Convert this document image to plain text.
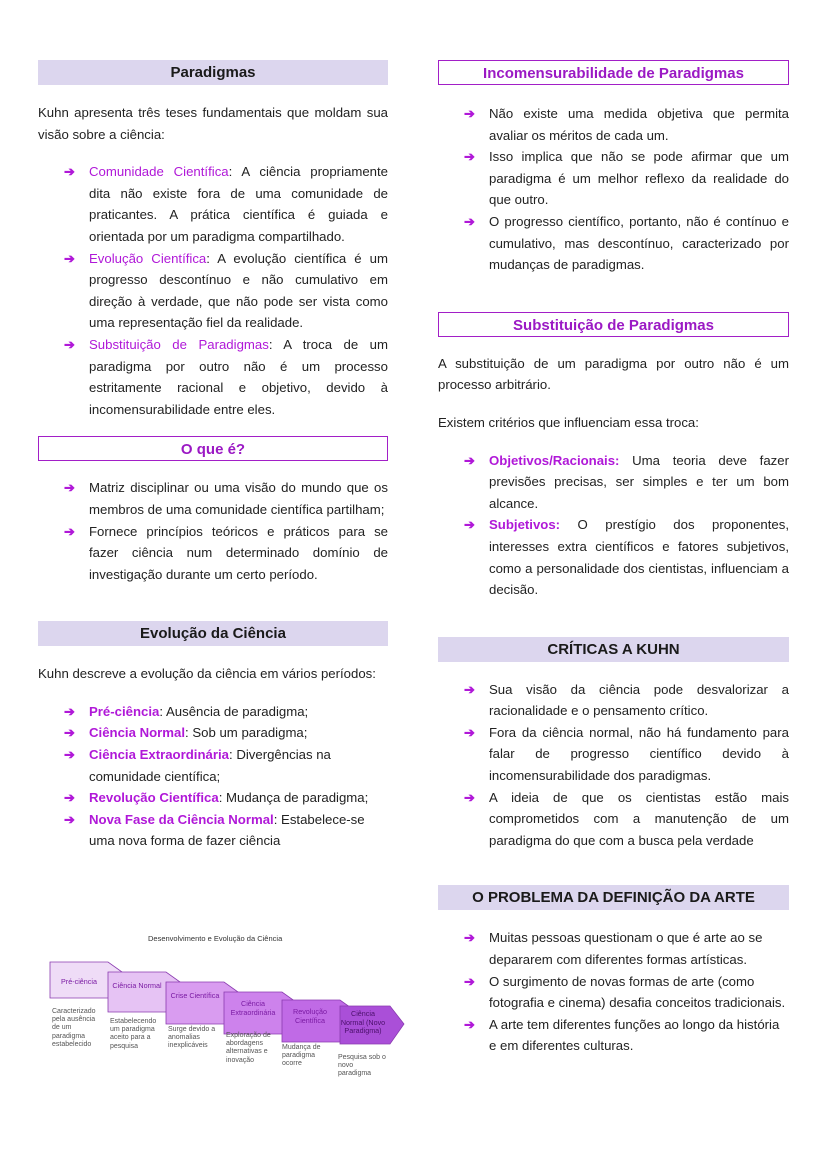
Paradigmas

Kuhn apresenta três teses fundamentais que moldam sua visão sobre a ciência:

➔ Comunidade Científica: A ciência propriamente dita não existe fora de uma comunidade de praticantes. A prática científica é guiada e orientada por um paradigma compartilhado.
➔ Evolução Científica: A evolução científica é um progresso descontínuo e não cumulativo em direção à verdade, que não pode ser vista como uma representação fiel da realidade.
➔ Substituição de Paradigmas: A troca de um paradigma por outro não é um processo estritamente racional e objetivo, devido à incomensurabilidade entre eles.
O que é?
➔ Matriz disciplinar ou uma visão do mundo que os membros de uma comunidade científica partilham;
➔ Fornece princípios teóricos e práticos para se fazer ciência num determinado domínio de investigação durante um certo período.
Evolução da Ciência

Kuhn descreve a evolução da ciência em vários períodos:

➔ Pré-ciência: Ausência de paradigma;
➔ Ciência Normal: Sob um paradigma;
➔ Ciência Extraordinária: Divergências na comunidade científica;
➔ Revolução Científica: Mudança de paradigma;
➔ Nova Fase da Ciência Normal: Estabelece-se uma nova forma de fazer ciência
Desenvolvimento e Evolução da Ciência
Pré-ciência	Ciência Normal
Crise Científica
Ciência Extraordinária	Revolução Científica
Ciência Normal (Novo Paradigma)
Caracterizado pela ausência de um paradigma estabelecido
Estabelecendo um paradigma aceito para a pesquisa
Surge devido a anomalias inexplicáveis
Exploração de abordagens alternativas e inovação
Mudança de paradigma ocorre
Pesquisa sob o novo paradigma
Incomensurabilidade de Paradigmas
➔ Não existe uma medida objetiva que permita avaliar os méritos de cada um.
➔ Isso implica que não se pode afirmar que um paradigma é um melhor reflexo da realidade do que outro.
➔ O progresso científico, portanto, não é contínuo e cumulativo, mas descontínuo, caracterizado por mudanças de paradigmas.
Substituição de Paradigmas

A substituição de um paradigma por outro não é um processo arbitrário.

Existem critérios que influenciam essa troca:

➔ Objetivos/Racionais: Uma teoria deve fazer previsões precisas, ser simples e ter um bom alcance.
➔ Subjetivos: O prestígio dos proponentes, interesses extra científicos e fatores subjetivos, como a personalidade dos cientistas, influenciam a decisão.
CRÍTICAS A KUHN
➔ Sua visão da ciência pode desvalorizar a racionalidade e o pensamento crítico.
➔ Fora da ciência normal, não há fundamento para falar de progresso científico devido à incomensurabilidade dos paradigmas.
➔ A ideia de que os cientistas estão mais comprometidos com a manutenção de um paradigma do que com a busca pela verdade
O PROBLEMA DA DEFINIÇÃO DA ARTE
➔ Muitas pessoas questionam o que é arte ao se depararem com diferentes formas artísticas.
➔ O surgimento de novas formas de arte (como fotografia e cinema) desafia conceitos tradicionais.
➔ A arte tem diferentes funções ao longo da história e em diferentes culturas.
